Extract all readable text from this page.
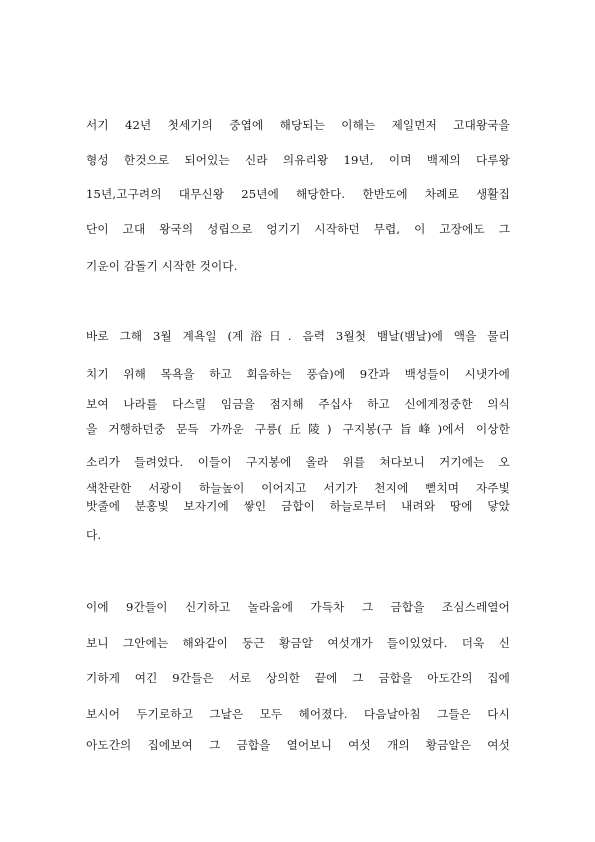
서기 42년 첫세기의 중엽에 해당되는 이해는 제일먼저 고대왕국을
형성 한것으로 되어있는 신라 의유리왕 19년, 이며 백제의 다루왕
15년,고구려의 대무신왕 25년에 해당한다. 한반도에 차례로 생활집
단이 고대 왕국의 성립으로 엉기기 시작하던 무렵, 이 고장에도 그
기운이 감돌기 시작한 것이다.
바로 그해 3월 계욕일 (계浴日. 음력 3월첫 뱀날(뱀날)에 액을 물리
치기 위해 목욕을 하고 회음하는 풍습)에 9간과 백성들이 시냇가에
보여 나라를 다스릴 임금을 점지해 주십사 하고 신에게정중한 의식
을 거행하던중 문득 가까운 구릉(丘陵) 구지봉(구旨峰)에서 이상한
소리가 들려었다. 이들이 구지봉에 올라 위를 쳐다보니 거기에는 오
색찬란한 서광이 하늘높이 이어지고 서기가 천지에 뻗치며 자주빛
밧줄에 분홍빛 보자기에 쌓인 금합이 하늘로부터 내려와 땅에 닿았
다.
이에 9간들이 신기하고 놀라움에 가득차 그 금합을 조심스레열어
보니 그안에는 해와같이 둥근 황금알 여섯개가 들이있었다. 더욱 신
기하게 여긴 9간들은 서로 상의한 끝에 그 금합을 아도간의 집에
보시어 두기로하고 그날은 모두 헤어졌다. 다음날아침 그들은 다시
아도간의 집에보여 그 금합을 열어보니 여섯 개의 황금알은 여섯
